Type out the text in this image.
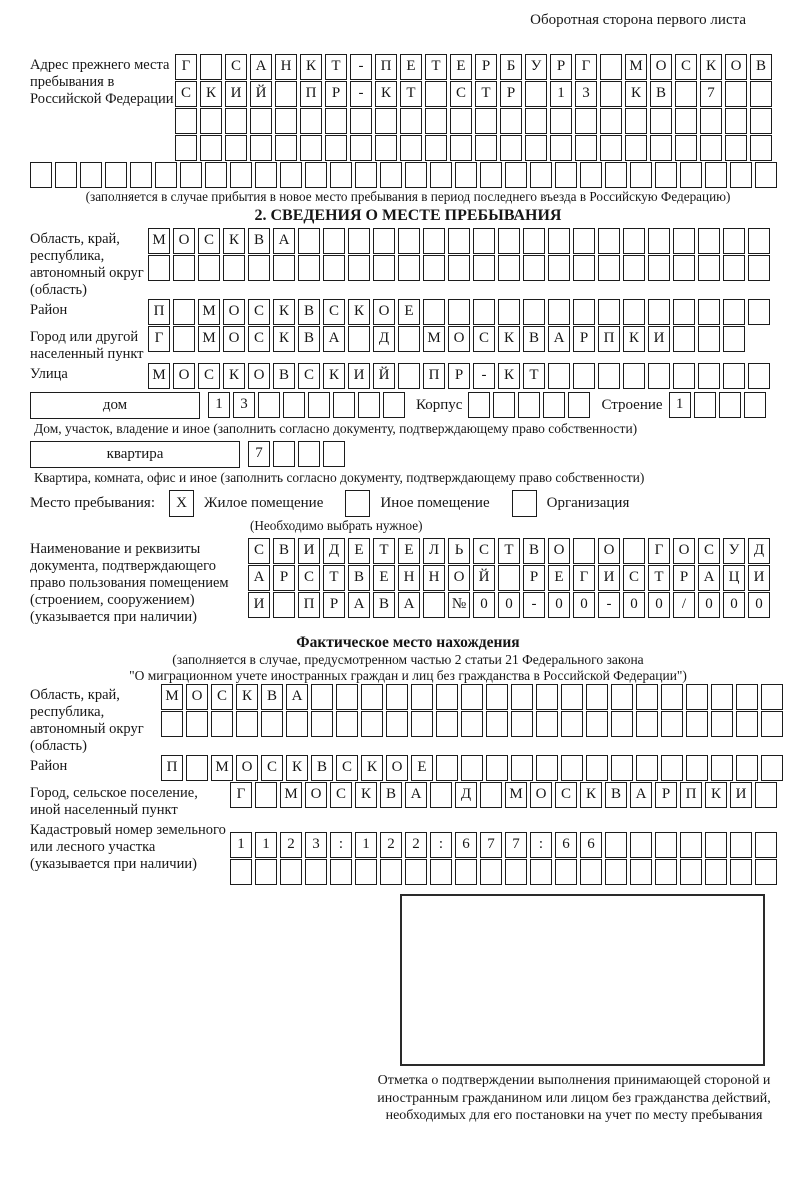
Оборотная сторона первого листа
Адрес прежнего места пребывания в Российской Федерации
Г	С А Н К Т - П Е Т Е Р Б У Р Г	М О С К О В
С К И Й	П Р - К Т	С Т Р	1 3	К В	7
(заполняется в случае прибытия в новое место пребывания в период последнего въезда в Российскую Федерацию)
2. СВЕДЕНИЯ О МЕСТЕ ПРЕБЫВАНИЯ
Область, край, республика, автономный округ (область)
М О С К В А
Район	П	М О С К В С К О Е
Город или другой населенный пункт
Г	М О С К В А	Д	М О С К В А Р П К И
Улица	М О С К О В С К И Й	П Р - К Т
дом	1 3	Корпус	Строение 1
Дом, участок, владение и иное (заполнить согласно документу, подтверждающему право собственности)
квартира	7
Квартира, комната, офис и иное (заполнить согласно документу, подтверждающему право собственности)
Место пребывания:	X	Жилое помещение	Иное помещение	Организация
(Необходимо выбрать нужное)
Наименование и реквизиты документа, подтверждающего право пользования помещением (строением, сооружением) (указывается при наличии)
С В И Д Е Т Е Л Ь С Т В О	О	Г О С У Д
А Р С Т В Е Н Н О Й	Р Е Г И С Т Р А Ц И
И	П Р А В А № 0 0 - 0 0 - 0 0 / 0 0 0
Фактическое место нахождения
(заполняется в случае, предусмотренном частью 2 статьи 21 Федерального закона
"О миграционном учете иностранных граждан и лиц без гражданства в Российской Федерации")
Область, край, республика, автономный округ (область)
М О С К В А
Район	П	М О С К В С К О Е
Город, сельское поселение, иной населенный пункт
Г	М О С К В А	Д	М О С К В А Р П К И
Кадастровый номер земельного или лесного участка (указывается при наличии)
1 1 2 3 : 1 2 2 : 6 7 7 : 6 6
Отметка о подтверждении выполнения принимающей стороной и иностранным гражданином или лицом без гражданства действий, необходимых для его постановки на учет по месту пребывания
